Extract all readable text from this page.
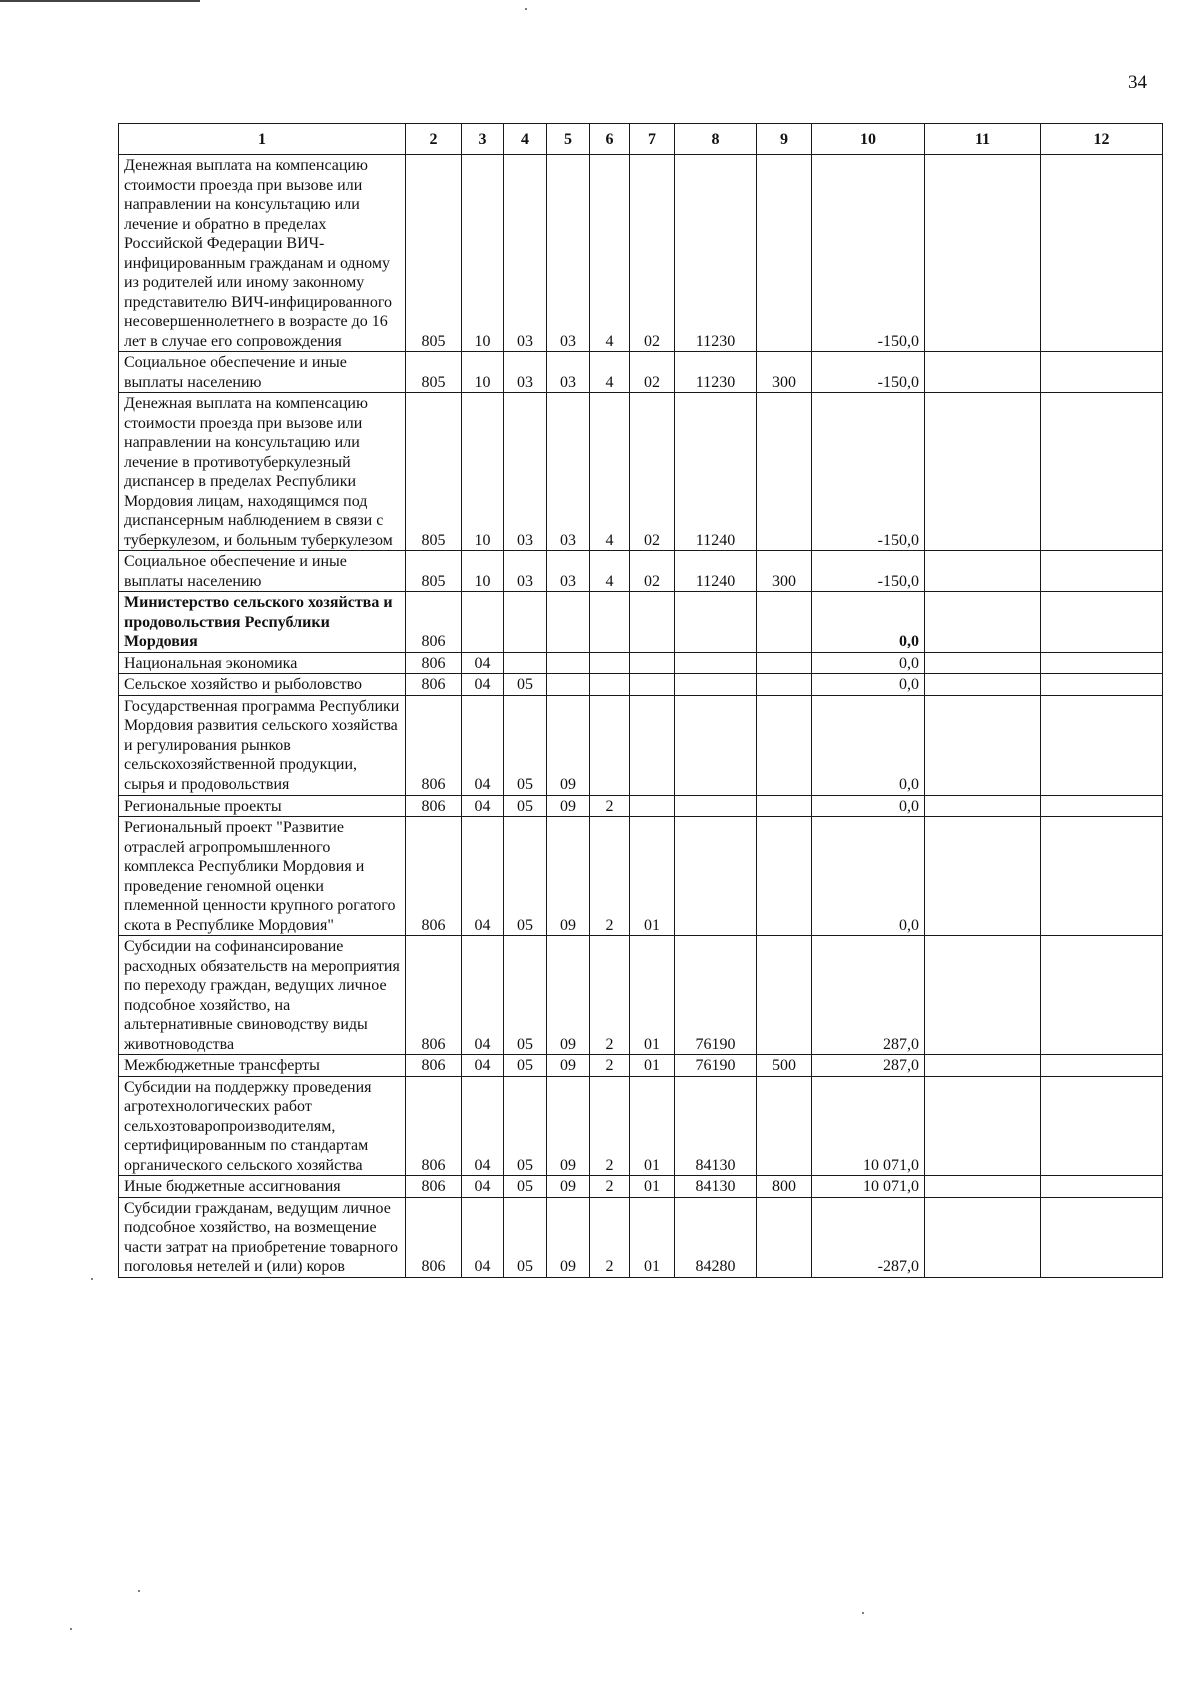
34
1	2	3	4	5	6	7	8	9	10	11	12
Денежная выплата на компенсацию стоимости проезда при вызове или направлении на консультацию или лечение и обратно в пределах Российской Федерации ВИЧ-инфицированным гражданам и одному из родителей или иному законному представителю ВИЧ-инфицированного несовершеннолетнего в возрасте до 16 лет в случае его сопровождения	805	10	03	03	4	02	11230		-150,0		
Социальное обеспечение и иные выплаты населению	805	10	03	03	4	02	11230	300	-150,0		
Денежная выплата на компенсацию стоимости проезда при вызове или направлении на консультацию или лечение в противотуберкулезный диспансер в пределах Республики Мордовия лицам, находящимся под диспансерным наблюдением в связи с туберкулезом, и больным туберкулезом	805	10	03	03	4	02	11240		-150,0		
Социальное обеспечение и иные выплаты населению	805	10	03	03	4	02	11240	300	-150,0		
Министерство сельского хозяйства и продовольствия Республики Мордовия	806								0,0		
Национальная экономика	806	04							0,0		
Сельское хозяйство и рыболовство	806	04	05						0,0		
Государственная программа Республики Мордовия развития сельского хозяйства и регулирования рынков сельскохозяйственной продукции, сырья и продовольствия	806	04	05	09					0,0		
Региональные проекты	806	04	05	09	2				0,0		
Региональный проект "Развитие отраслей агропромышленного комплекса Республики Мордовия и проведение геномной оценки племенной ценности крупного рогатого скота в Республике Мордовия"	806	04	05	09	2	01			0,0		
Субсидии на софинансирование расходных обязательств на мероприятия по переходу граждан, ведущих личное подсобное хозяйство, на альтернативные свиноводству виды животноводства	806	04	05	09	2	01	76190		287,0		
Межбюджетные трансферты	806	04	05	09	2	01	76190	500	287,0		
Субсидии на поддержку проведения агротехнологических работ сельхозтоваропроизводителям, сертифицированным по стандартам органического сельского хозяйства	806	04	05	09	2	01	84130		10 071,0		
Иные бюджетные ассигнования	806	04	05	09	2	01	84130	800	10 071,0		
Субсидии гражданам, ведущим личное подсобное хозяйство, на возмещение части затрат на приобретение товарного поголовья нетелей и (или) коров	806	04	05	09	2	01	84280		-287,0		
